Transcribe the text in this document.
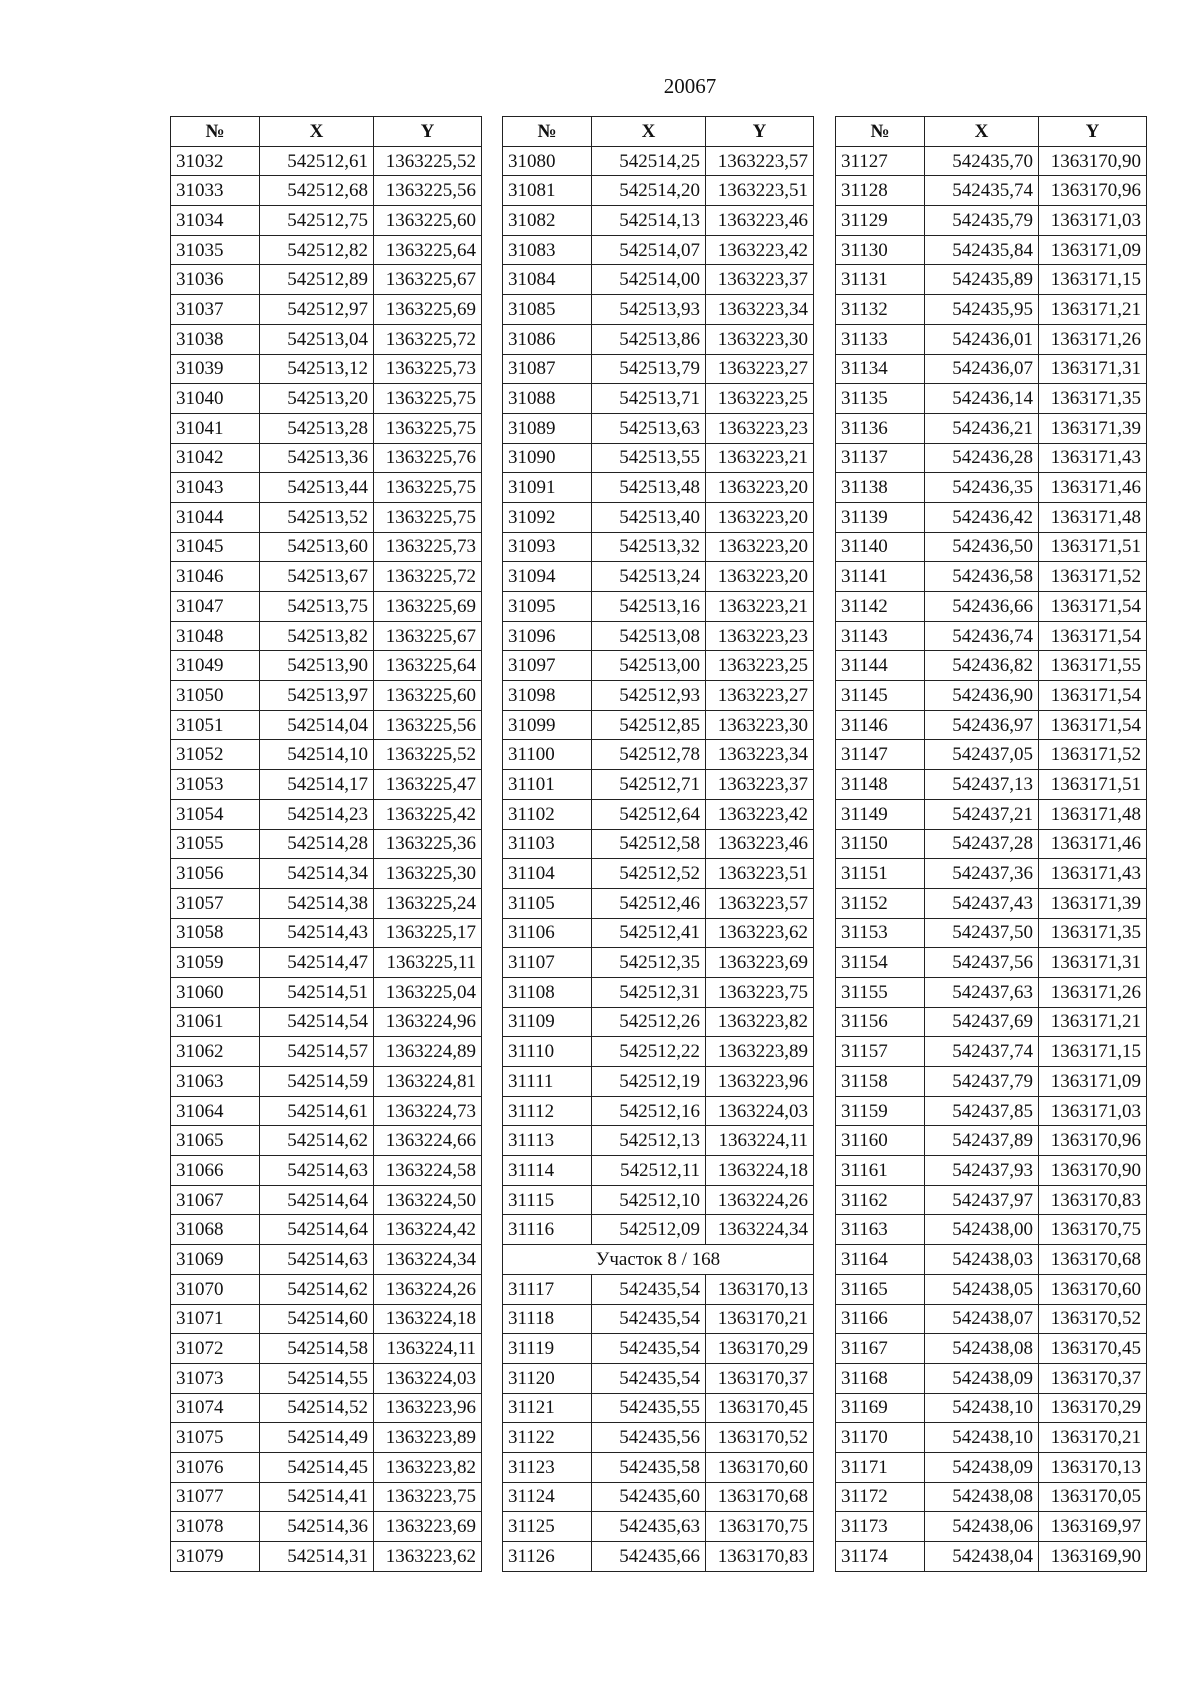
20067
№	X	Y
31032	542512,61	1363225,52
31033	542512,68	1363225,56
31034	542512,75	1363225,60
31035	542512,82	1363225,64
31036	542512,89	1363225,67
31037	542512,97	1363225,69
31038	542513,04	1363225,72
31039	542513,12	1363225,73
31040	542513,20	1363225,75
31041	542513,28	1363225,75
31042	542513,36	1363225,76
31043	542513,44	1363225,75
31044	542513,52	1363225,75
31045	542513,60	1363225,73
31046	542513,67	1363225,72
31047	542513,75	1363225,69
31048	542513,82	1363225,67
31049	542513,90	1363225,64
31050	542513,97	1363225,60
31051	542514,04	1363225,56
31052	542514,10	1363225,52
31053	542514,17	1363225,47
31054	542514,23	1363225,42
31055	542514,28	1363225,36
31056	542514,34	1363225,30
31057	542514,38	1363225,24
31058	542514,43	1363225,17
31059	542514,47	1363225,11
31060	542514,51	1363225,04
31061	542514,54	1363224,96
31062	542514,57	1363224,89
31063	542514,59	1363224,81
31064	542514,61	1363224,73
31065	542514,62	1363224,66
31066	542514,63	1363224,58
31067	542514,64	1363224,50
31068	542514,64	1363224,42
31069	542514,63	1363224,34
31070	542514,62	1363224,26
31071	542514,60	1363224,18
31072	542514,58	1363224,11
31073	542514,55	1363224,03
31074	542514,52	1363223,96
31075	542514,49	1363223,89
31076	542514,45	1363223,82
31077	542514,41	1363223,75
31078	542514,36	1363223,69
31079	542514,31	1363223,62
№	X	Y
31080	542514,25	1363223,57
31081	542514,20	1363223,51
31082	542514,13	1363223,46
31083	542514,07	1363223,42
31084	542514,00	1363223,37
31085	542513,93	1363223,34
31086	542513,86	1363223,30
31087	542513,79	1363223,27
31088	542513,71	1363223,25
31089	542513,63	1363223,23
31090	542513,55	1363223,21
31091	542513,48	1363223,20
31092	542513,40	1363223,20
31093	542513,32	1363223,20
31094	542513,24	1363223,20
31095	542513,16	1363223,21
31096	542513,08	1363223,23
31097	542513,00	1363223,25
31098	542512,93	1363223,27
31099	542512,85	1363223,30
31100	542512,78	1363223,34
31101	542512,71	1363223,37
31102	542512,64	1363223,42
31103	542512,58	1363223,46
31104	542512,52	1363223,51
31105	542512,46	1363223,57
31106	542512,41	1363223,62
31107	542512,35	1363223,69
31108	542512,31	1363223,75
31109	542512,26	1363223,82
31110	542512,22	1363223,89
31111	542512,19	1363223,96
31112	542512,16	1363224,03
31113	542512,13	1363224,11
31114	542512,11	1363224,18
31115	542512,10	1363224,26
31116	542512,09	1363224,34
Участок 8 / 168		
31117	542435,54	1363170,13
31118	542435,54	1363170,21
31119	542435,54	1363170,29
31120	542435,54	1363170,37
31121	542435,55	1363170,45
31122	542435,56	1363170,52
31123	542435,58	1363170,60
31124	542435,60	1363170,68
31125	542435,63	1363170,75
31126	542435,66	1363170,83
№	X	Y
31127	542435,70	1363170,90
31128	542435,74	1363170,96
31129	542435,79	1363171,03
31130	542435,84	1363171,09
31131	542435,89	1363171,15
31132	542435,95	1363171,21
31133	542436,01	1363171,26
31134	542436,07	1363171,31
31135	542436,14	1363171,35
31136	542436,21	1363171,39
31137	542436,28	1363171,43
31138	542436,35	1363171,46
31139	542436,42	1363171,48
31140	542436,50	1363171,51
31141	542436,58	1363171,52
31142	542436,66	1363171,54
31143	542436,74	1363171,54
31144	542436,82	1363171,55
31145	542436,90	1363171,54
31146	542436,97	1363171,54
31147	542437,05	1363171,52
31148	542437,13	1363171,51
31149	542437,21	1363171,48
31150	542437,28	1363171,46
31151	542437,36	1363171,43
31152	542437,43	1363171,39
31153	542437,50	1363171,35
31154	542437,56	1363171,31
31155	542437,63	1363171,26
31156	542437,69	1363171,21
31157	542437,74	1363171,15
31158	542437,79	1363171,09
31159	542437,85	1363171,03
31160	542437,89	1363170,96
31161	542437,93	1363170,90
31162	542437,97	1363170,83
31163	542438,00	1363170,75
31164	542438,03	1363170,68
31165	542438,05	1363170,60
31166	542438,07	1363170,52
31167	542438,08	1363170,45
31168	542438,09	1363170,37
31169	542438,10	1363170,29
31170	542438,10	1363170,21
31171	542438,09	1363170,13
31172	542438,08	1363170,05
31173	542438,06	1363169,97
31174	542438,04	1363169,90
